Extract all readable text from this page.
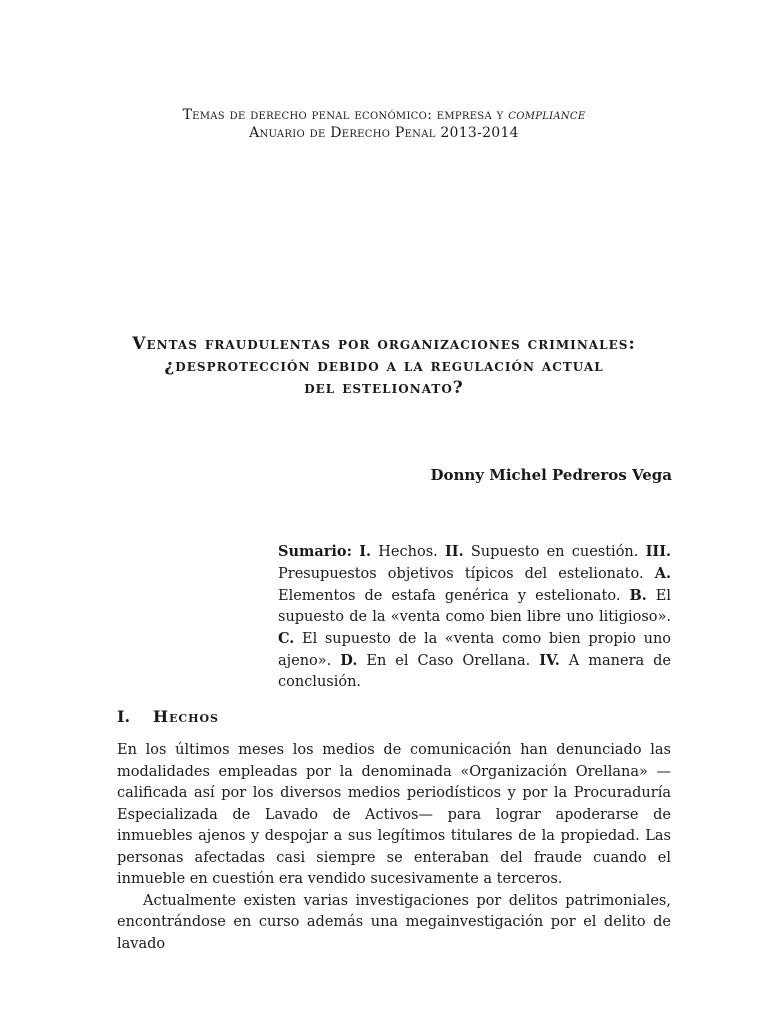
Temas de derecho penal económico: empresa y compliance
Anuario de Derecho Penal 2013-2014
Ventas fraudulentas por organizaciones criminales:
¿desprotección debido a la regulación actual
del estelionato?
Donny Michel Pedreros Vega
Sumario: I. Hechos. II. Supuesto en cuestión. III. Presupuestos objetivos típicos del estelionato. A. Elementos de estafa genérica y estelionato. B. El supuesto de la «venta como bien libre uno litigioso». C. El supuesto de la «venta como bien propio uno ajeno». D. En el Caso Orellana. IV. A manera de conclusión.
I. Hechos

En los últimos meses los medios de comunicación han denunciado las modalidades empleadas por la denominada «Organización Orellana» —calificada así por los diversos medios periodísticos y por la Procuraduría Especializada de Lavado de Activos— para lograr apoderarse de inmuebles ajenos y despojar a sus legítimos titulares de la propiedad. Las personas afectadas casi siempre se enteraban del fraude cuando el inmueble en cuestión era vendido sucesivamente a terceros.

Actualmente existen varias investigaciones por delitos patrimoniales, encontrándose en curso además una megainvestigación por el delito de lavado
